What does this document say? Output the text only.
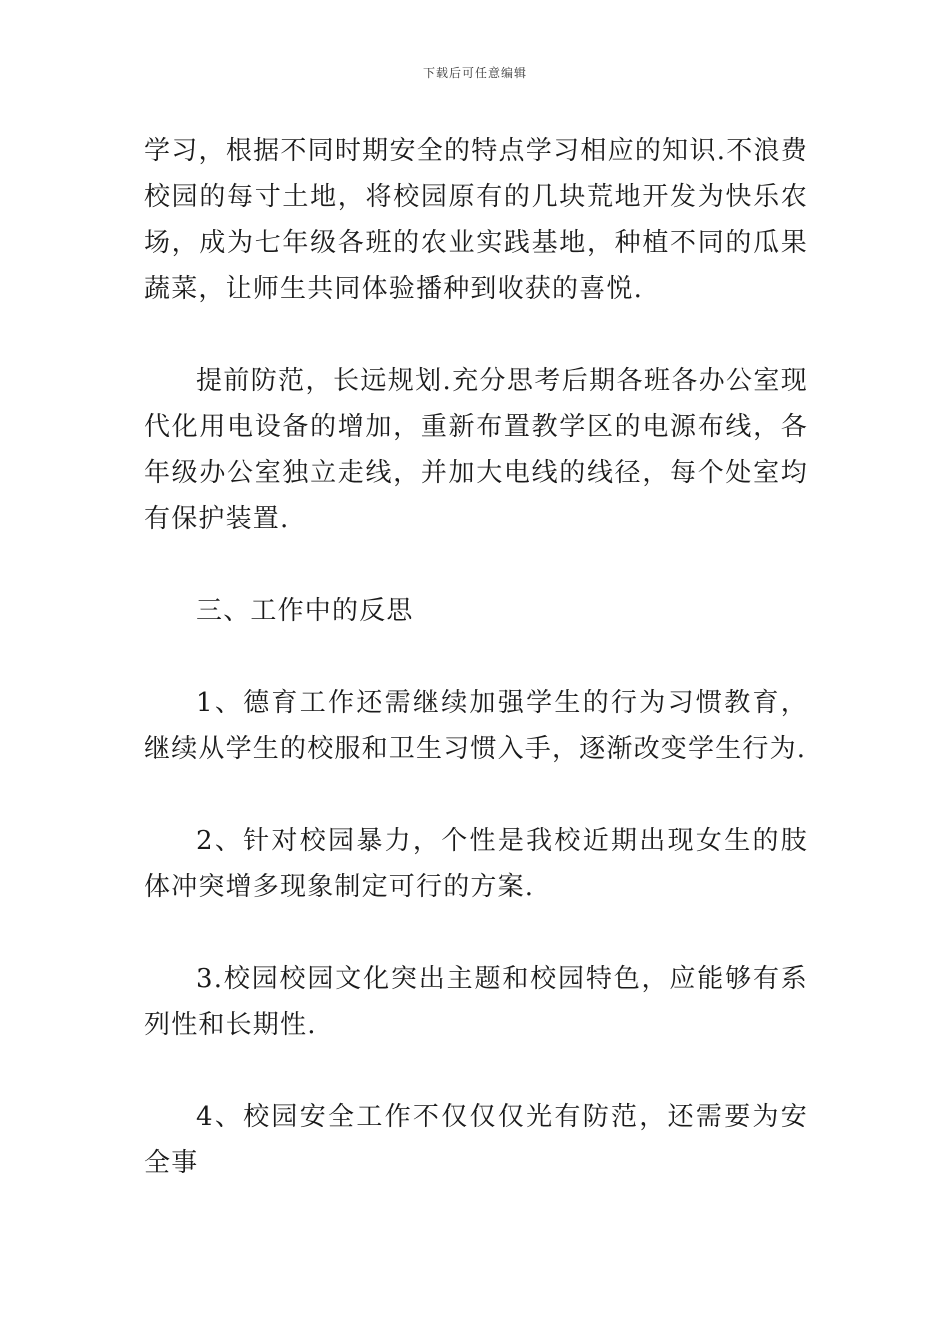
下载后可任意编辑

学习，根据不同时期安全的特点学习相应的知识.不浪费校园的每寸土地，将校园原有的几块荒地开发为快乐农场，成为七年级各班的农业实践基地，种植不同的瓜果蔬菜，让师生共同体验播种到收获的喜悦.

提前防范，长远规划.充分思考后期各班各办公室现代化用电设备的增加，重新布置教学区的电源布线，各年级办公室独立走线，并加大电线的线径，每个处室均有保护装置.

三、工作中的反思

1、德育工作还需继续加强学生的行为习惯教育，继续从学生的校服和卫生习惯入手，逐渐改变学生行为.

2、针对校园暴力，个性是我校近期出现女生的肢体冲突增多现象制定可行的方案.

3.校园校园文化突出主题和校园特色，应能够有系列性和长期性.

4、校园安全工作不仅仅仅光有防范，还需要为安全事
